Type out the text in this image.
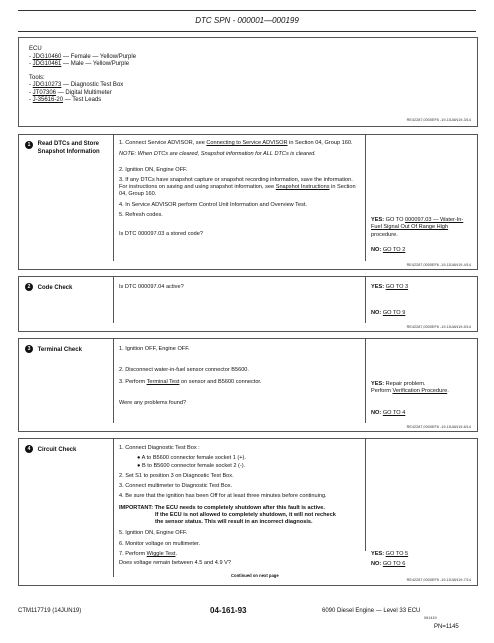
DTC SPN - 000001—000199
ECU
- JDG10460 — Female — Yellow/Purple
- JDG10461 — Male — Yellow/Purple
Tools:
- JDG10273 — Diagnostic Test Box
- JT07306 — Digital Multimeter
- J-35616-20 — Test Leads
RE42287,0000EF6 -19-15JAN19-3/14
1 Read DTCs and Store Snapshot Information
1. Connect Service ADVISOR, see Connecting to Service ADVISOR in Section 04, Group 160.
NOTE: When DTCs are cleared, Snapshot information for ALL DTCs is cleared.
2. Ignition ON, Engine OFF.
3. If any DTCs have snapshot capture or snapshot recording information, save the information. For instructions on saving and using snapshot information, see Snapshot Instructions in Section 04, Group 160.
4. In Service ADVISOR perform Control Unit Information and Overview Test.
5. Refresh codes.
Is DTC 000097.03 a stored code?
YES: GO TO 000097.03 — Water-In-Fuel Signal Out Of Range High procedure.
NO: GO TO 2
RE42287,0000EF6 -19-15JAN19-4/14
2 Code Check	Is DTC 000097.04 active?	YES: GO TO 3
NO: GO TO 9
RE42287,0000EF6 -19-15JAN19-5/14
3 Terminal Check	1. Ignition OFF, Engine OFF.
2. Disconnect water-in-fuel sensor connector B5600.
3. Perform Terminal Test on sensor and B5600 connector.
Were any problems found?
YES: Repair problem.
Perform Verification Procedure.
NO: GO TO 4
RE42287,0000EF6 -19-15JAN19-6/14
4 Circuit Check	1. Connect Diagnostic Test Box :
● A to B5600 connector female socket 1 (+).
● B to B5600 connector female socket 2 (-).
2. Set S1 to position 3 on Diagnostic Test Box.
3. Connect multimeter to Diagnostic Test Box.
4. Be sure that the ignition has been Off for at least three minutes before continuing.
IMPORTANT: The ECU needs to completely shutdown after this fault is active.
If the ECU is not allowed to completely shutdown, it will not recheck
the sensor status. This will result in an incorrect diagnosis.
5. Ignition ON, Engine OFF.
6. Monitor voltage on multimeter.
7. Perform Wiggle Test.
Does voltage remain between 4.5 and 4.9 V?
YES: GO TO 5
NO: GO TO 6
Continued on next page
RE42287,0000EF6 -19-15JAN19-7/14
CTM117719 (14JUN19)	04-161-93	6090 Diesel Engine — Level 33 ECU
061419
PN=1145
